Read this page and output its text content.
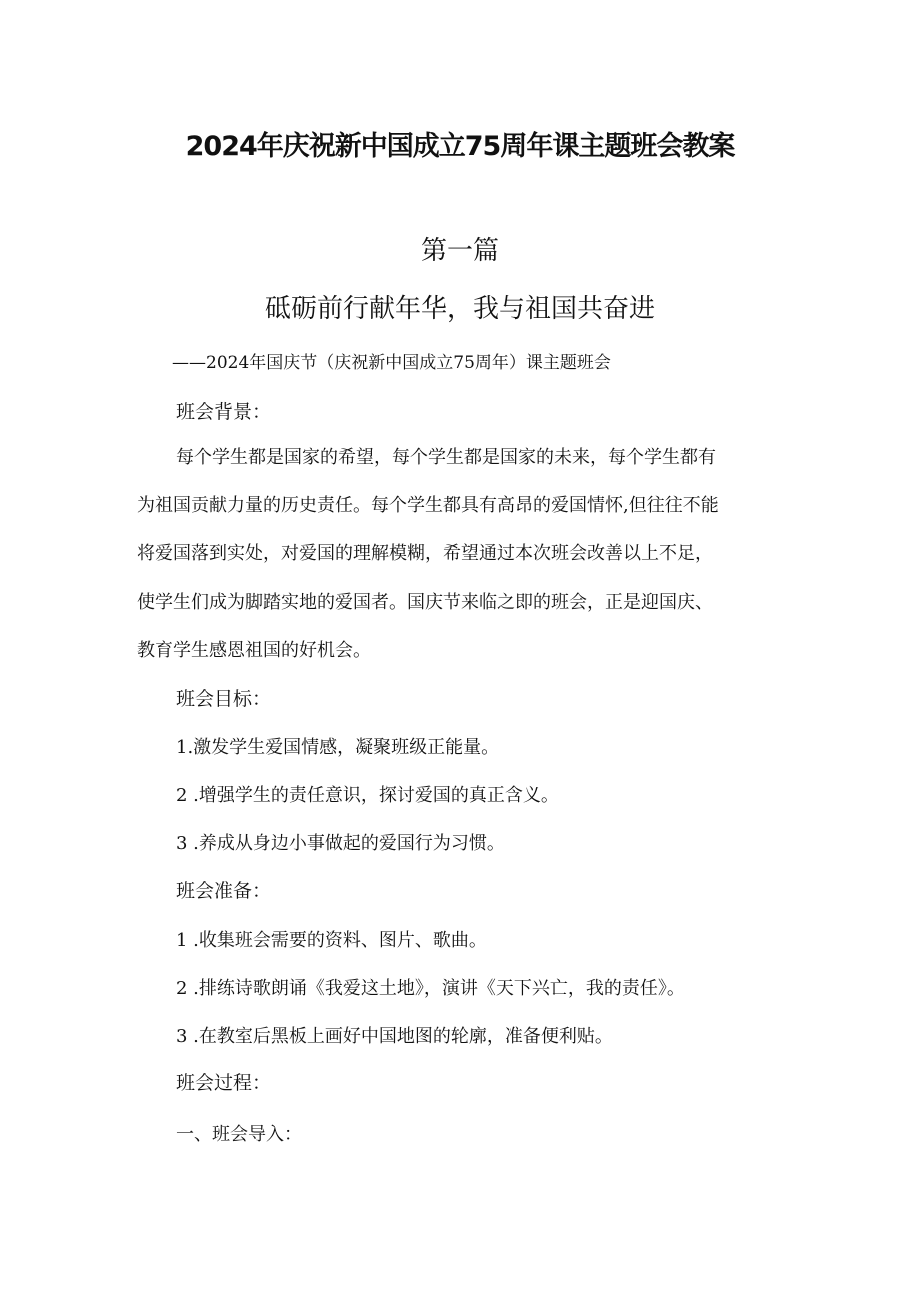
2024年庆祝新中国成立75周年课主题班会教案
第一篇
砥砺前行献年华，我与祖国共奋进
——2024年国庆节（庆祝新中国成立75周年）课主题班会
班会背景：
每个学生都是国家的希望，每个学生都是国家的未来，每个学生都有
为祖国贡献力量的历史责任。每个学生都具有高昂的爱国情怀,但往往不能
将爱国落到实处，对爱国的理解模糊，希望通过本次班会改善以上不足，
使学生们成为脚踏实地的爱国者。国庆节来临之即的班会，正是迎国庆、
教育学生感恩祖国的好机会。
班会目标：
1.激发学生爱国情感，凝聚班级正能量。
2 .增强学生的责任意识，探讨爱国的真正含义。
3 .养成从身边小事做起的爱国行为习惯。
班会准备：
1 .收集班会需要的资料、图片、歌曲。
2 .排练诗歌朗诵《我爱这土地》，演讲《天下兴亡，我的责任》。
3 .在教室后黑板上画好中国地图的轮廓，准备便利贴。
班会过程：
一、班会导入：
